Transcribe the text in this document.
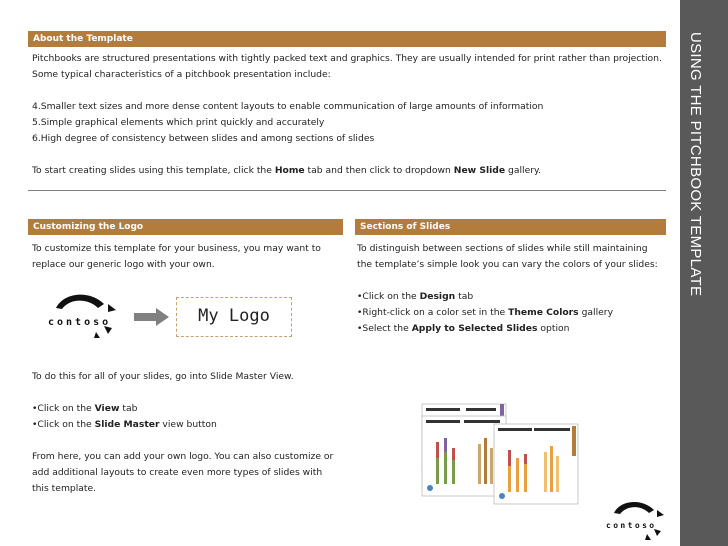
USING THE PITCHBOOK TEMPLATE
About the Template
Pitchbooks are structured presentations with tightly packed text and graphics. They are usually intended for print rather than projection.
Some typical characteristics of a pitchbook presentation include:

4.Smaller text sizes and more dense content layouts to enable communication of large amounts of information
5.Simple graphical elements which print quickly and accurately
6.High degree of consistency between slides and among sections of slides

To start creating slides using this template, click the Home tab and then click to dropdown New Slide gallery.
Customizing the Logo
To customize this template for your business, you may want to
replace our generic logo with your own.
contoso	My Logo
To do this for all of your slides, go into Slide Master View.

•Click on the View tab
•Click on the Slide Master view button

From here, you can add your own logo. You can also customize or
add additional layouts to create even more types of slides with
this template.
Sections of Slides
To distinguish between sections of slides while still maintaining
the template’s simple look you can vary the colors of your slides:

•Click on the Design tab
•Right-click on a color set in the Theme Colors gallery
•Select the Apply to Selected Slides option
contoso
